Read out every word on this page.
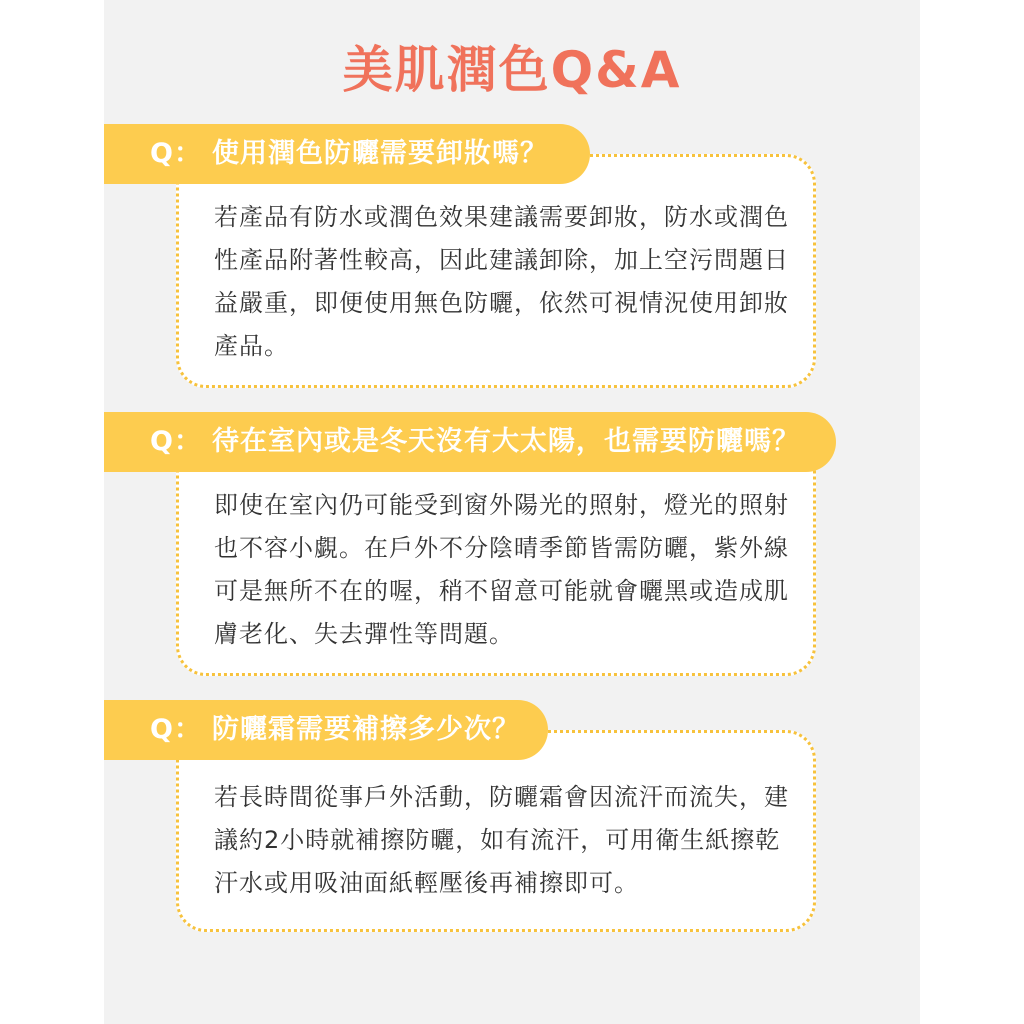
美肌潤色Q&A
Q： 使用潤色防曬需要卸妝嗎？
若產品有防水或潤色效果建議需要卸妝，防水或潤色性產品附著性較高，因此建議卸除，加上空污問題日益嚴重，即便使用無色防曬，依然可視情況使用卸妝產品。
Q： 待在室內或是冬天沒有大太陽，也需要防曬嗎？
即使在室內仍可能受到窗外陽光的照射，燈光的照射也不容小覷。在戶外不分陰晴季節皆需防曬，紫外線可是無所不在的喔，稍不留意可能就會曬黑或造成肌膚老化、失去彈性等問題。
Q： 防曬霜需要補擦多少次？
若長時間從事戶外活動，防曬霜會因流汗而流失，建議約2小時就補擦防曬，如有流汗，可用衛生紙擦乾汗水或用吸油面紙輕壓後再補擦即可。
